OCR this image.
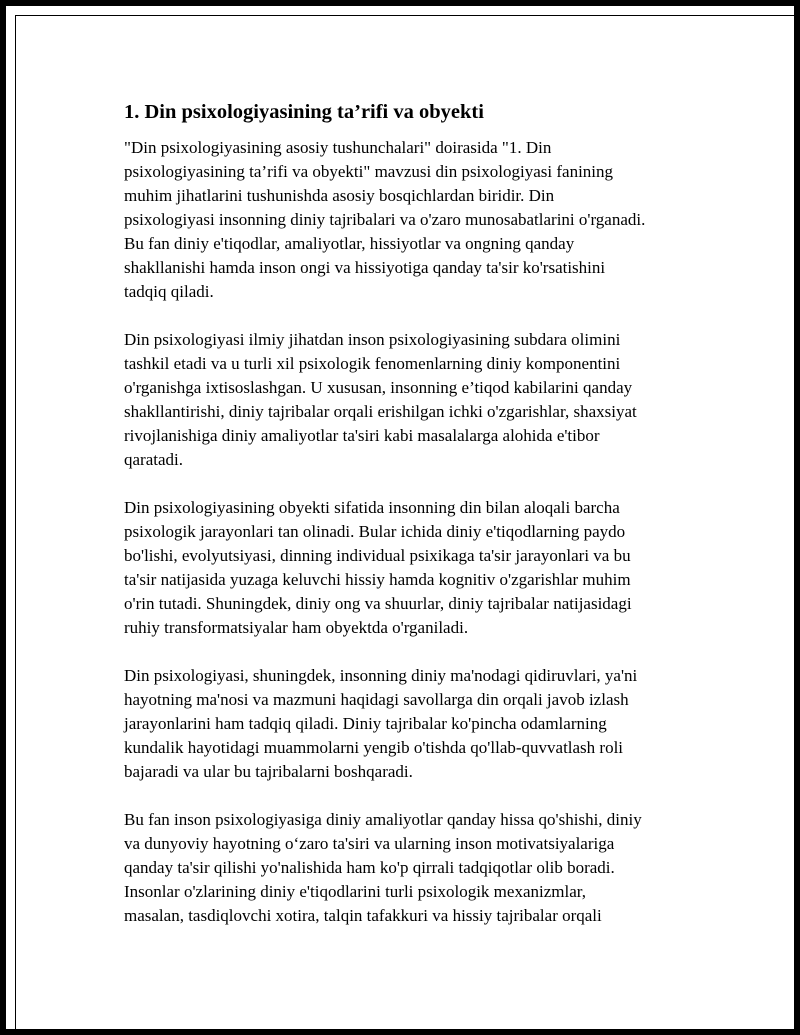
1. Din psixologiyasining ta’rifi va obyekti

"Din psixologiyasining asosiy tushunchalari" doirasida "1. Din
psixologiyasining ta’rifi va obyekti" mavzusi din psixologiyasi fanining
muhim jihatlarini tushunishda asosiy bosqichlardan biridir. Din
psixologiyasi insonning diniy tajribalari va o'zaro munosabatlarini o'rganadi.
Bu fan diniy e'tiqodlar, amaliyotlar, hissiyotlar va ongning qanday
shakllanishi hamda inson ongi va hissiyotiga qanday ta'sir ko'rsatishini
tadqiq qiladi.

Din psixologiyasi ilmiy jihatdan inson psixologiyasining subdara olimini
tashkil etadi va u turli xil psixologik fenomenlarning diniy komponentini
o'rganishga ixtisoslashgan. U xususan, insonning e’tiqod kabilarini qanday
shakllantirishi, diniy tajribalar orqali erishilgan ichki o'zgarishlar, shaxsiyat
rivojlanishiga diniy amaliyotlar ta'siri kabi masalalarga alohida e'tibor
qaratadi.

Din psixologiyasining obyekti sifatida insonning din bilan aloqali barcha
psixologik jarayonlari tan olinadi. Bular ichida diniy e'tiqodlarning paydo
bo'lishi, evolyutsiyasi, dinning individual psixikaga ta'sir jarayonlari va bu
ta'sir natijasida yuzaga keluvchi hissiy hamda kognitiv o'zgarishlar muhim
o'rin tutadi. Shuningdek, diniy ong va shuurlar, diniy tajribalar natijasidagi
ruhiy transformatsiyalar ham obyektda o'rganiladi.

Din psixologiyasi, shuningdek, insonning diniy ma'nodagi qidiruvlari, ya'ni
hayotning ma'nosi va mazmuni haqidagi savollarga din orqali javob izlash
jarayonlarini ham tadqiq qiladi. Diniy tajribalar ko'pincha odamlarning
kundalik hayotidagi muammolarni yengib o'tishda qo'llab-quvvatlash roli
bajaradi va ular bu tajribalarni boshqaradi.

Bu fan inson psixologiyasiga diniy amaliyotlar qanday hissa qo'shishi, diniy
va dunyoviy hayotning o‘zaro ta'siri va ularning inson motivatsiyalariga
qanday ta'sir qilishi yo'nalishida ham ko'p qirrali tadqiqotlar olib boradi.
Insonlar o'zlarining diniy e'tiqodlarini turli psixologik mexanizmlar,
masalan, tasdiqlovchi xotira, talqin tafakkuri va hissiy tajribalar orqali
